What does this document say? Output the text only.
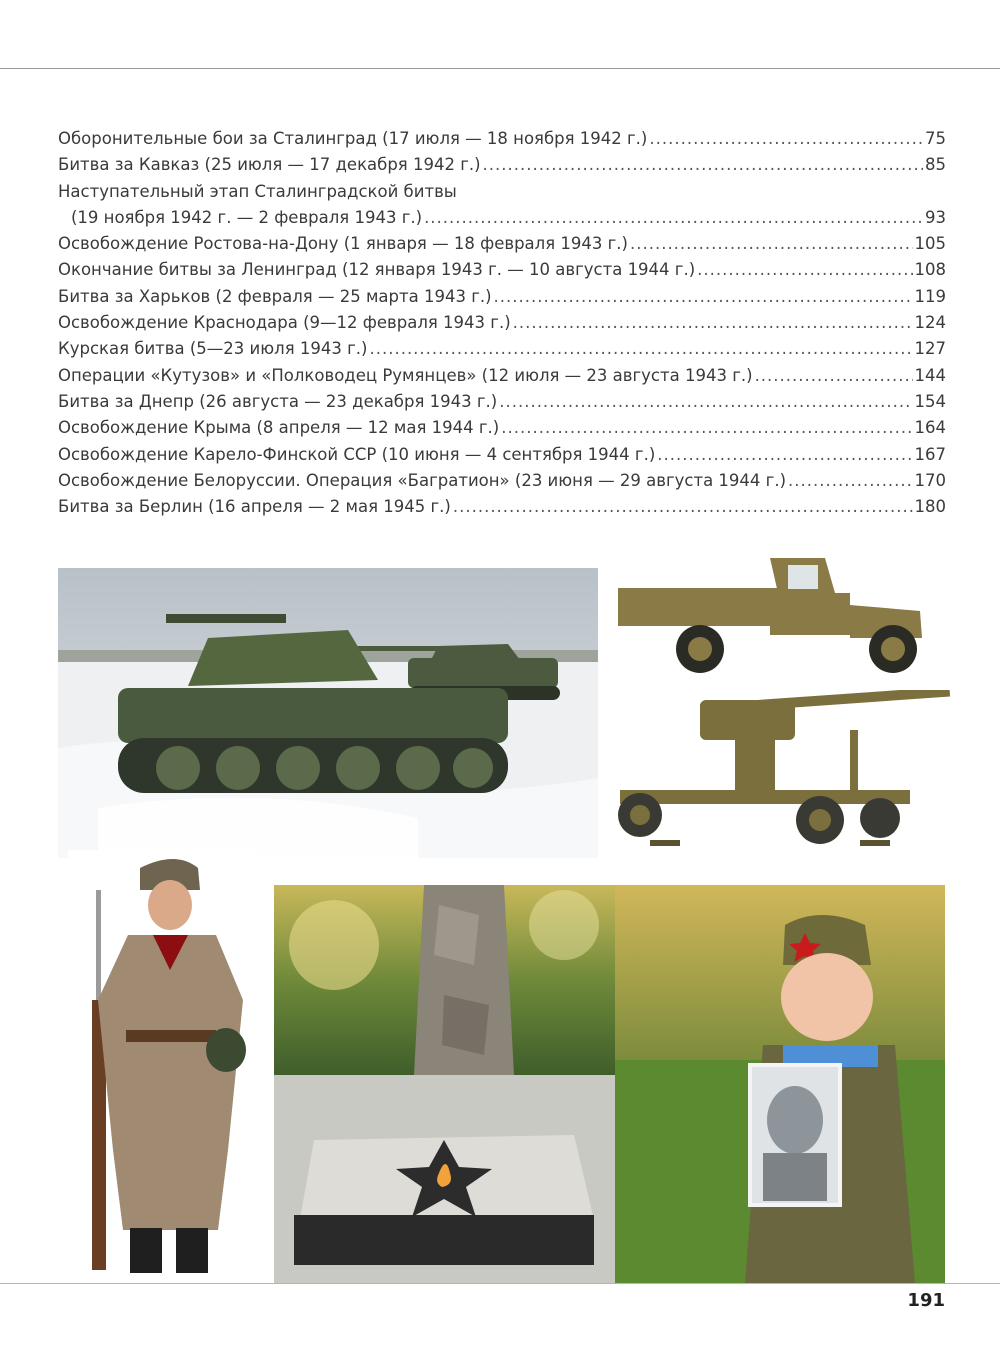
Оборонительные бои за Сталинград (17 июля — 18 ноября 1942 г.) .....	75
Битва за Кавказ (25 июля — 17 декабря 1942 г.) .....	85
Наступательный этап Сталинградской битвы
(19 ноября 1942 г. — 2 февраля 1943 г.) .....	93
Освобождение Ростова-на-Дону (1 января — 18 февраля 1943 г.) .....	105
Окончание битвы за Ленинград (12 января 1943 г. — 10 августа 1944 г.) .....	108
Битва за Харьков (2 февраля — 25 марта 1943 г.) .....	119
Освобождение Краснодара (9—12 февраля 1943 г.) .....	124
Курская битва (5—23 июля 1943 г.) .....	127
Операции «Кутузов» и «Полководец Румянцев» (12 июля — 23 августа 1943 г.) .....	144
Битва за Днепр (26 августа — 23 декабря 1943 г.) .....	154
Освобождение Крыма (8 апреля — 12 мая 1944 г.) .....	164
Освобождение Карело-Финской ССР (10 июня — 4 сентября 1944 г.) .....	167
Освобождение Белоруссии. Операция «Багратион» (23 июня — 29 августа 1944 г.) .....	170
Битва за Берлин (16 апреля — 2 мая 1945 г.) .....	180
191
